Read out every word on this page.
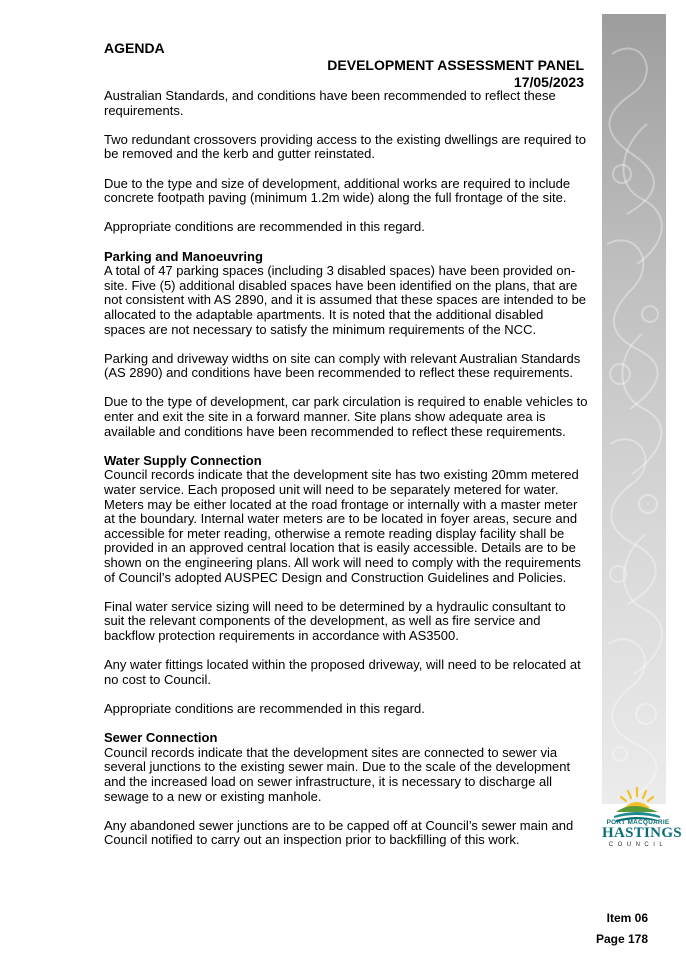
PORT MACQUARIE
HASTINGS
COUNCIL
AGENDA
DEVELOPMENT ASSESSMENT PANEL
17/05/2023

Australian Standards, and conditions have been recommended to reflect these requirements.

Two redundant crossovers providing access to the existing dwellings are required to be removed and the kerb and gutter reinstated.

Due to the type and size of development, additional works are required to include concrete footpath paving (minimum 1.2m wide) along the full frontage of the site.

Appropriate conditions are recommended in this regard.

Parking and Manoeuvring

A total of 47 parking spaces (including 3 disabled spaces) have been provided on-site. Five (5) additional disabled spaces have been identified on the plans, that are not consistent with AS 2890, and it is assumed that these spaces are intended to be allocated to the adaptable apartments. It is noted that the additional disabled spaces are not necessary to satisfy the minimum requirements of the NCC.

Parking and driveway widths on site can comply with relevant Australian Standards (AS 2890) and conditions have been recommended to reflect these requirements.

Due to the type of development, car park circulation is required to enable vehicles to enter and exit the site in a forward manner. Site plans show adequate area is available and conditions have been recommended to reflect these requirements.

Water Supply Connection

Council records indicate that the development site has two existing 20mm metered water service. Each proposed unit will need to be separately metered for water. Meters may be either located at the road frontage or internally with a master meter at the boundary. Internal water meters are to be located in foyer areas, secure and accessible for meter reading, otherwise a remote reading display facility shall be provided in an approved central location that is easily accessible. Details are to be shown on the engineering plans. All work will need to comply with the requirements of Council’s adopted AUSPEC Design and Construction Guidelines and Policies.

Final water service sizing will need to be determined by a hydraulic consultant to suit the relevant components of the development, as well as fire service and backflow protection requirements in accordance with AS3500.

Any water fittings located within the proposed driveway, will need to be relocated at no cost to Council.

Appropriate conditions are recommended in this regard.

Sewer Connection

Council records indicate that the development sites are connected to sewer via several junctions to the existing sewer main. Due to the scale of the development and the increased load on sewer infrastructure, it is necessary to discharge all sewage to a new or existing manhole.

Any abandoned sewer junctions are to be capped off at Council’s sewer main and Council notified to carry out an inspection prior to backfilling of this work.

Item 06
Page 178
